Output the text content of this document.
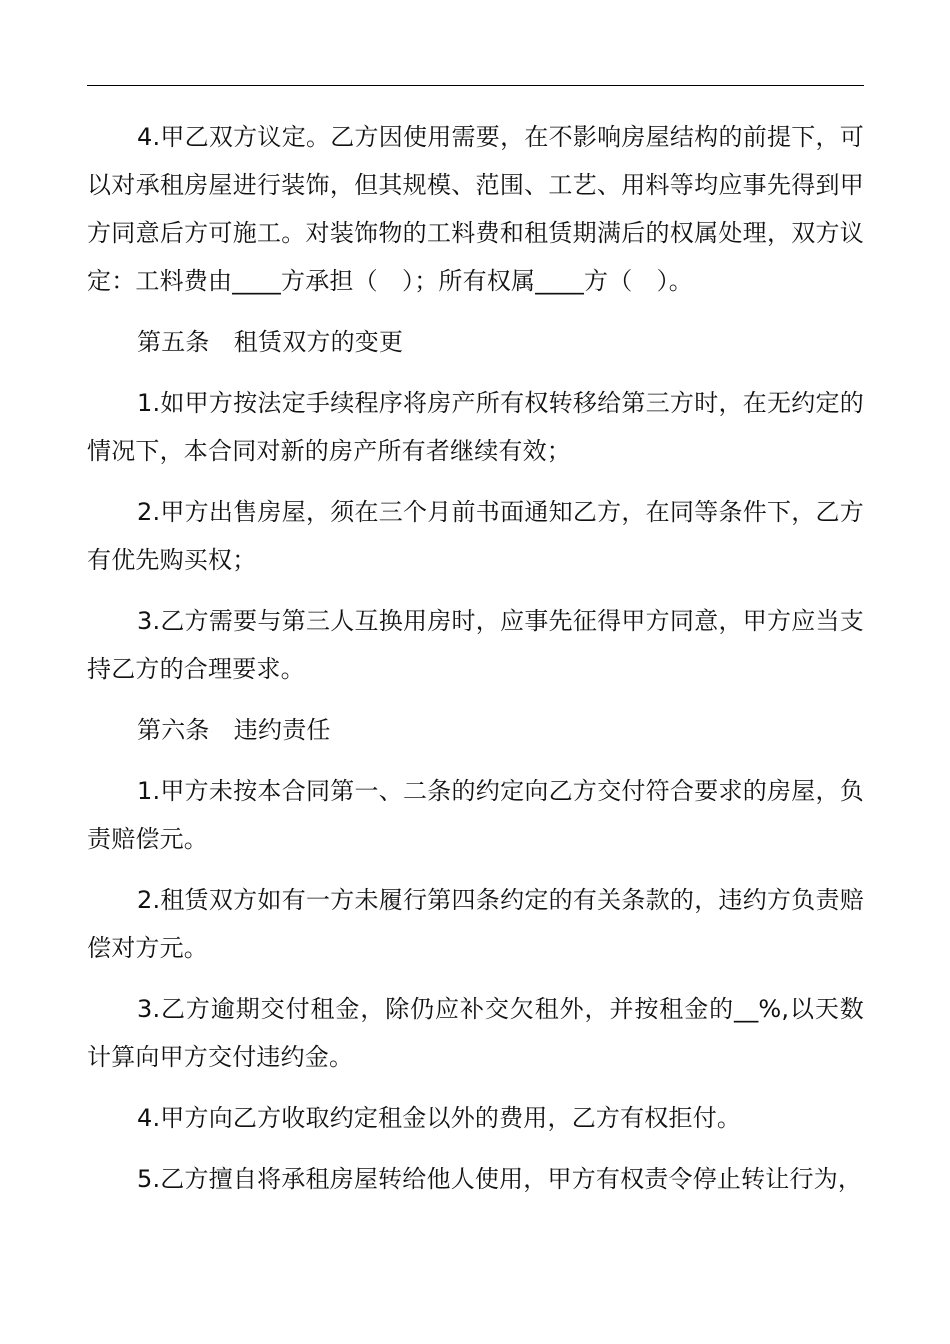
4.甲乙双方议定。乙方因使用需要，在不影响房屋结构的前提下，可以对承租房屋进行装饰，但其规模、范围、工艺、用料等均应事先得到甲方同意后方可施工。对装饰物的工料费和租赁期满后的权属处理，双方议定：工料费由____方承担（　）；所有权属____方（　）。

第五条　租赁双方的变更

1.如甲方按法定手续程序将房产所有权转移给第三方时，在无约定的情况下，本合同对新的房产所有者继续有效；

2.甲方出售房屋，须在三个月前书面通知乙方，在同等条件下，乙方有优先购买权；

3.乙方需要与第三人互换用房时，应事先征得甲方同意，甲方应当支持乙方的合理要求。

第六条　违约责任

1.甲方未按本合同第一、二条的约定向乙方交付符合要求的房屋，负责赔偿元。

2.租赁双方如有一方未履行第四条约定的有关条款的，违约方负责赔偿对方元。

3.乙方逾期交付租金，除仍应补交欠租外，并按租金的__%,以天数计算向甲方交付违约金。

4.甲方向乙方收取约定租金以外的费用，乙方有权拒付。

5.乙方擅自将承租房屋转给他人使用，甲方有权责令停止转让行为，
